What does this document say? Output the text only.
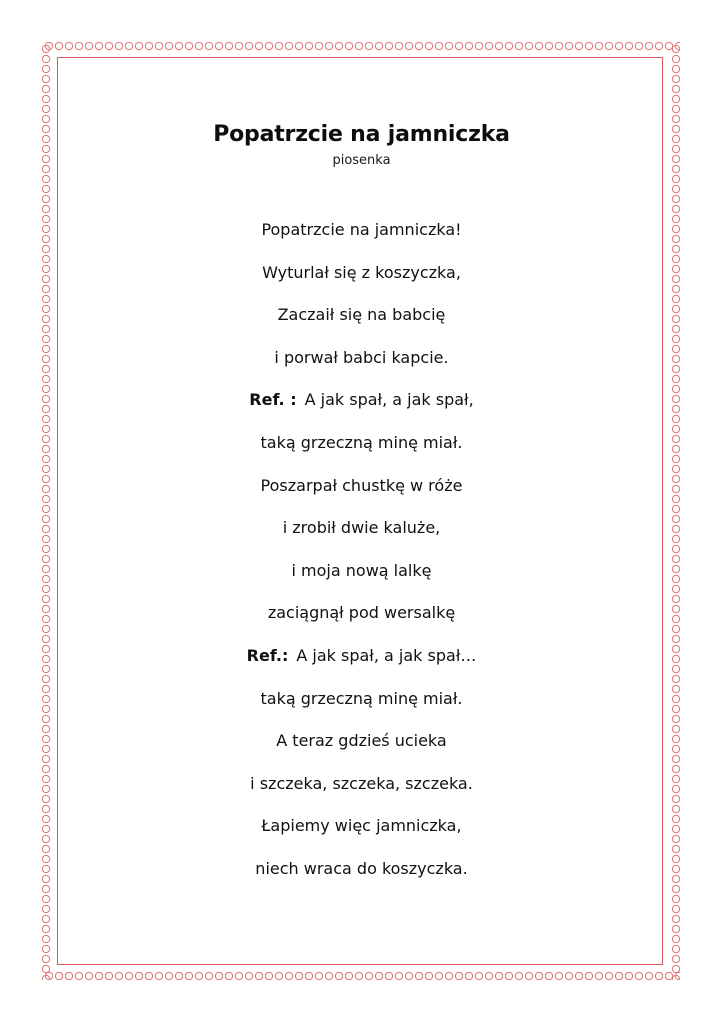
Popatrzcie na jamniczka
piosenka
Popatrzcie na jamniczka!
Wyturlał się z koszyczka,
Zaczaił się na babcię
i porwał babci kapcie.
Ref. : A jak spał, a jak spał,
taką grzeczną minę miał.
Poszarpał chustkę w róże
i zrobił dwie kaluże,
i moja nową lalkę
zaciągnął pod wersalkę
Ref.: A jak spał, a jak spał…
taką grzeczną minę miał.
A teraz gdzieś ucieka
i szczeka, szczeka, szczeka.
Łapiemy więc jamniczka,
niech wraca do koszyczka.
